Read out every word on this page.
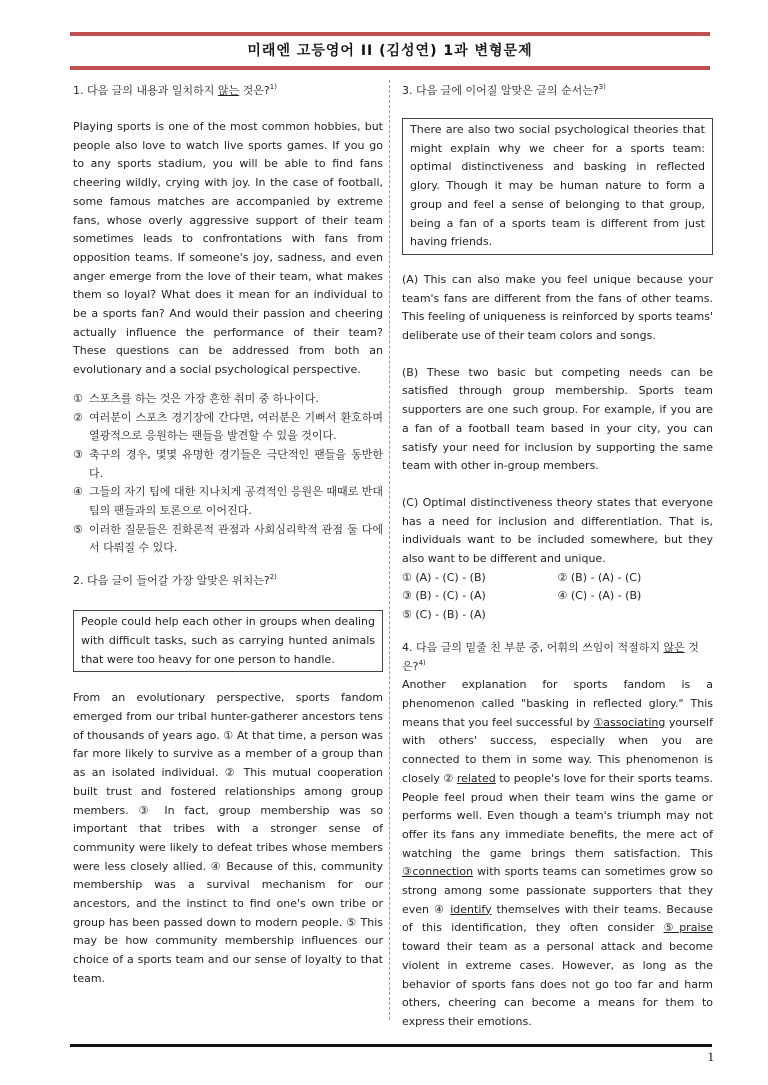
미래엔 고등영어 II (김성연) 1과 변형문제
1. 다음 글의 내용과 일치하지 않는 것은?$^{1)}$

Playing sports is one of the most common hobbies, but people also love to watch live sports games. If you go to any sports stadium, you will be able to find fans cheering wildly, crying with joy. In the case of football, some famous matches are accompanied by extreme fans, whose overly aggressive support of their team sometimes leads to confrontations with fans from opposition teams. If someone's joy, sadness, and even anger emerge from the love of their team, what makes them so loyal? What does it mean for an individual to be a sports fan? And would their passion and cheering actually influence the performance of their team? These questions can be addressed from both an evolutionary and a social psychological perspective.

① 스포츠를 하는 것은 가장 흔한 취미 중 하나이다.
② 여러분이 스포츠 경기장에 간다면, 여러분은 기뻐서 환호하며 열광적으로 응원하는 팬들을 발견할 수 있을 것이다.
③ 축구의 경우, 몇몇 유명한 경기들은 극단적인 팬들을 동반한다.
④ 그들의 자기 팀에 대한 지나치게 공격적인 응원은 때때로 반대 팀의 팬들과의 토론으로 이어진다.
⑤ 이러한 질문들은 진화론적 관점과 사회심리학적 관점 둘 다에서 다뤄질 수 있다.
2. 다음 글이 들어갈 가장 알맞은 위치는?$^{2)}$
People could help each other in groups when dealing with difficult tasks, such as carrying hunted animals that were too heavy for one person to handle.

From an evolutionary perspective, sports fandom emerged from our tribal hunter-gatherer ancestors tens of thousands of years ago. ① At that time, a person was far more likely to survive as a member of a group than as an isolated individual. ② This mutual cooperation built trust and fostered relationships among group members. ③ In fact, group membership was so important that tribes with a stronger sense of community were likely to defeat tribes whose members were less closely allied. ④ Because of this, community membership was a survival mechanism for our ancestors, and the instinct to find one's own tribe or group has been passed down to modern people. ⑤ This may be how community membership influences our choice of a sports team and our sense of loyalty to that team.

3. 다음 글에 이어질 알맞은 글의 순서는?$^{3)}$
There are also two social psychological theories that might explain why we cheer for a sports team: optimal distinctiveness and basking in reflected glory. Though it may be human nature to form a group and feel a sense of belonging to that group, being a fan of a sports team is different from just having friends.

(A) This can also make you feel unique because your team's fans are different from the fans of other teams. This feeling of uniqueness is reinforced by sports teams' deliberate use of their team colors and songs.

(B) These two basic but competing needs can be satisfied through group membership. Sports team supporters are one such group. For example, if you are a fan of a football team based in your city, you can satisfy your need for inclusion by supporting the same team with other in-group members.

(C) Optimal distinctiveness theory states that everyone has a need for inclusion and differentiation. That is, individuals want to be included somewhere, but they also want to be different and unique.

① (A) - (C) - (B)	② (B) - (A) - (C)
③ (B) - (C) - (A)	④ (C) - (A) - (B)
⑤ (C) - (B) - (A)
4. 다음 글의 밑줄 친 부분 중, 어휘의 쓰임이 적절하지 않은 것은?$^{4)}$

Another explanation for sports fandom is a phenomenon called "basking in reflected glory." This means that you feel successful by ①associating yourself with others' success, especially when you are connected to them in some way. This phenomenon is closely ② related to people's love for their sports teams. People feel proud when their team wins the game or performs well. Even though a team's triumph may not offer its fans any immediate benefits, the mere act of watching the game brings them satisfaction. This ③connection with sports teams can sometimes grow so strong among some passionate supporters that they even ④ identify themselves with their teams. Because of this identification, they often consider ⑤praise toward their team as a personal attack and become violent in extreme cases. However, as long as the behavior of sports fans does not go too far and harm others, cheering can become a means for them to express their emotions.

1
